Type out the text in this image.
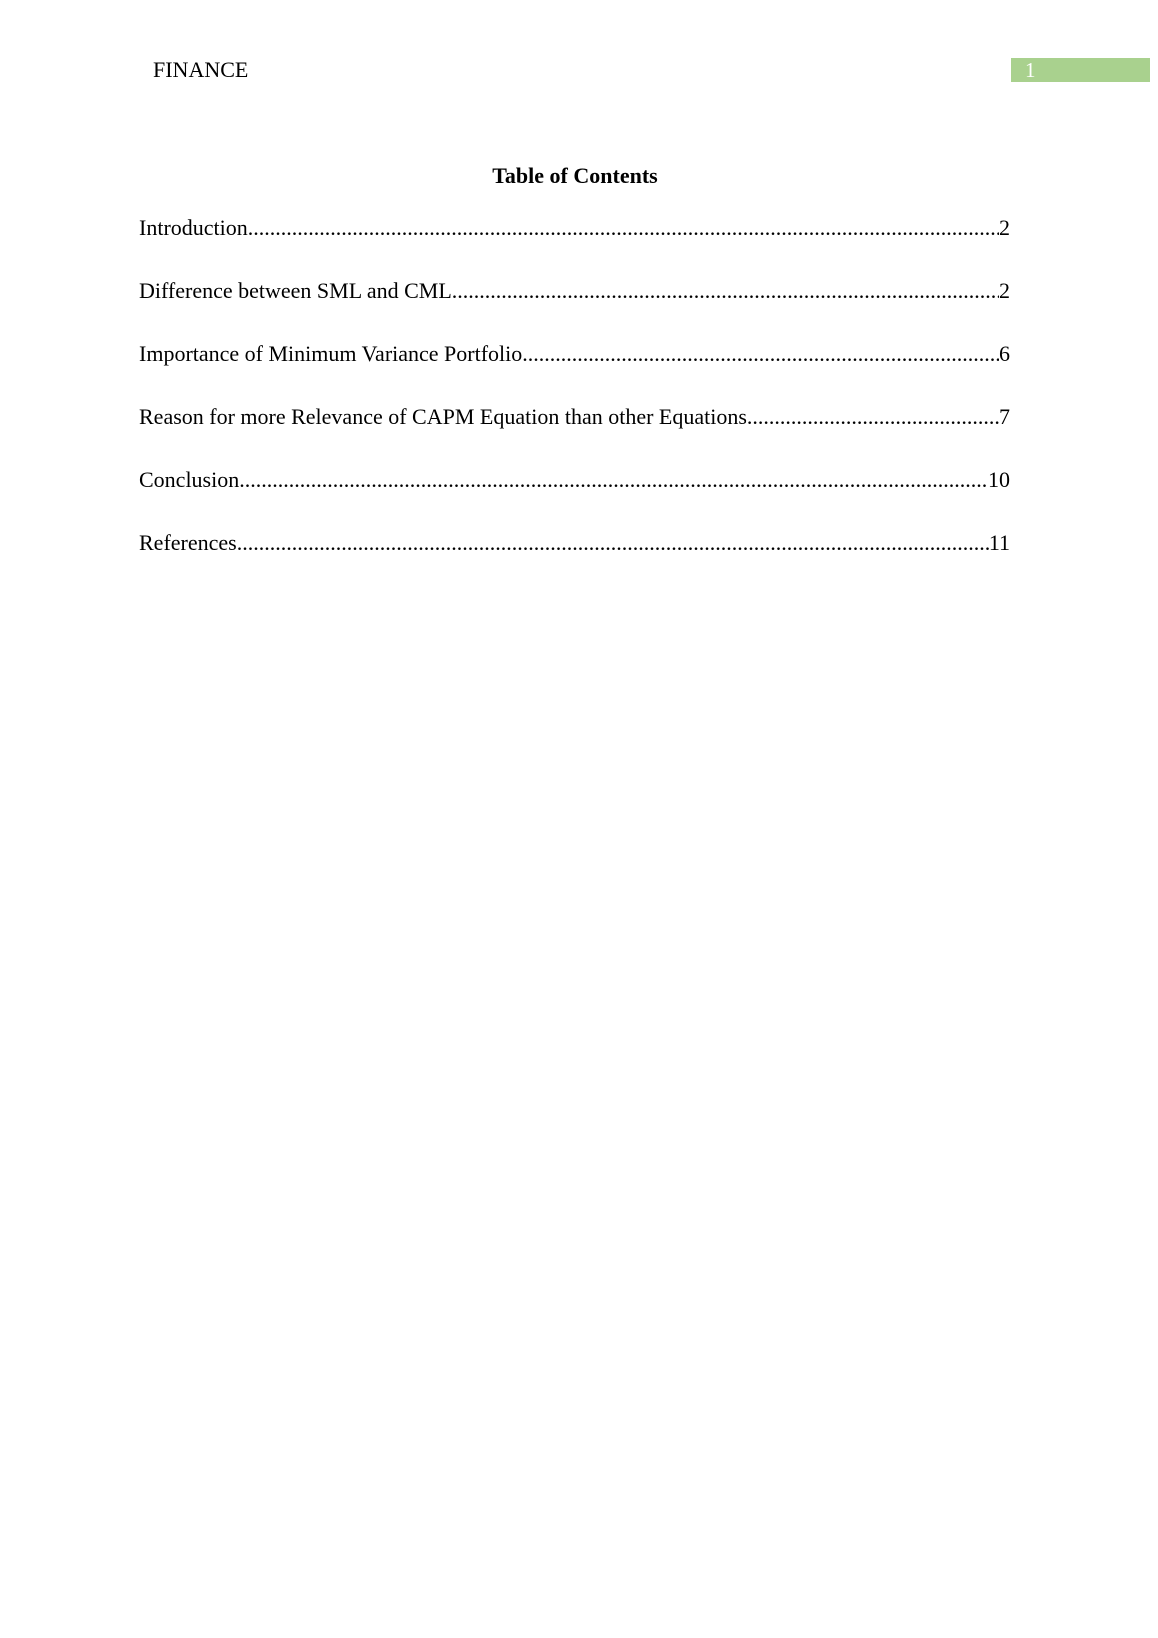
FINANCE	1
Table of Contents
Introduction .....	2
Difference between SML and CML .....	2
Importance of Minimum Variance Portfolio .....	6
Reason for more Relevance of CAPM Equation than other Equations .....	7
Conclusion .....	10
References .....	11
